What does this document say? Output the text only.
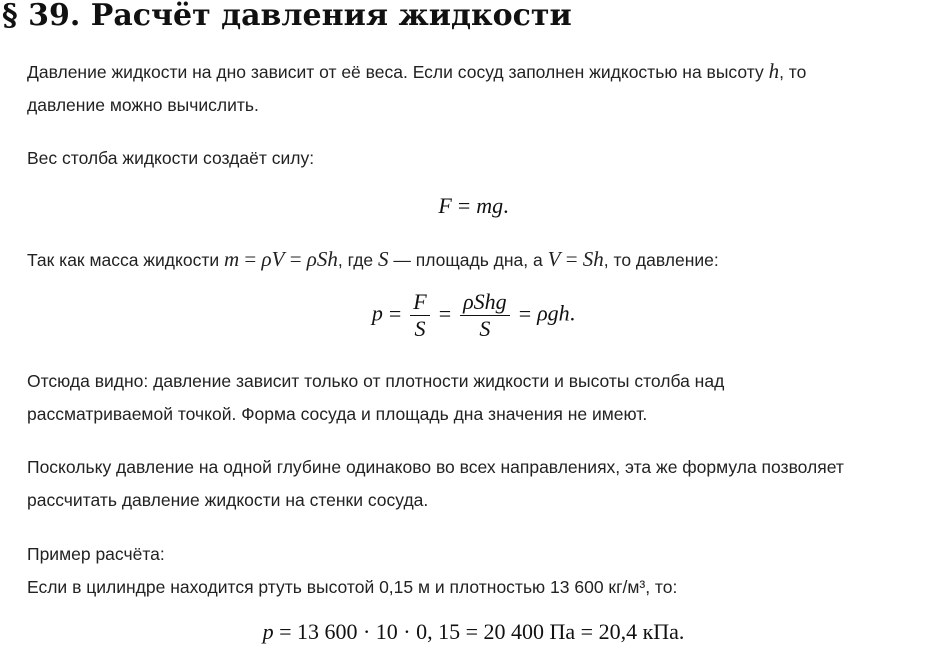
§ 39. Расчёт давления жидкости

Давление жидкости на дно зависит от её веса. Если сосуд заполнен жидкостью на высоту h, то
давление можно вычислить.

Вес столба жидкости создаёт силу:

F = mg.

Так как масса жидкости m = ρV = ρSh, где S — площадь дна, а V = Sh, то давление:

$p = \frac{F}{S} = \frac{\text{ρShg}}{S} = \rho gh$.

Отсюда видно: давление зависит только от плотности жидкости и высоты столба над
рассматриваемой точкой. Форма сосуда и площадь дна значения не имеют.

Поскольку давление на одной глубине одинаково во всех направлениях, эта же формула позволяет
рассчитать давление жидкости на стенки сосуда.

Пример расчёта:
Если в цилиндре находится ртуть высотой 0,15 м и плотностью 13 600 кг/м³, то:

p = 13 600 · 10 · 0, 15 = 20 400 Па = 20,4 кПа.
